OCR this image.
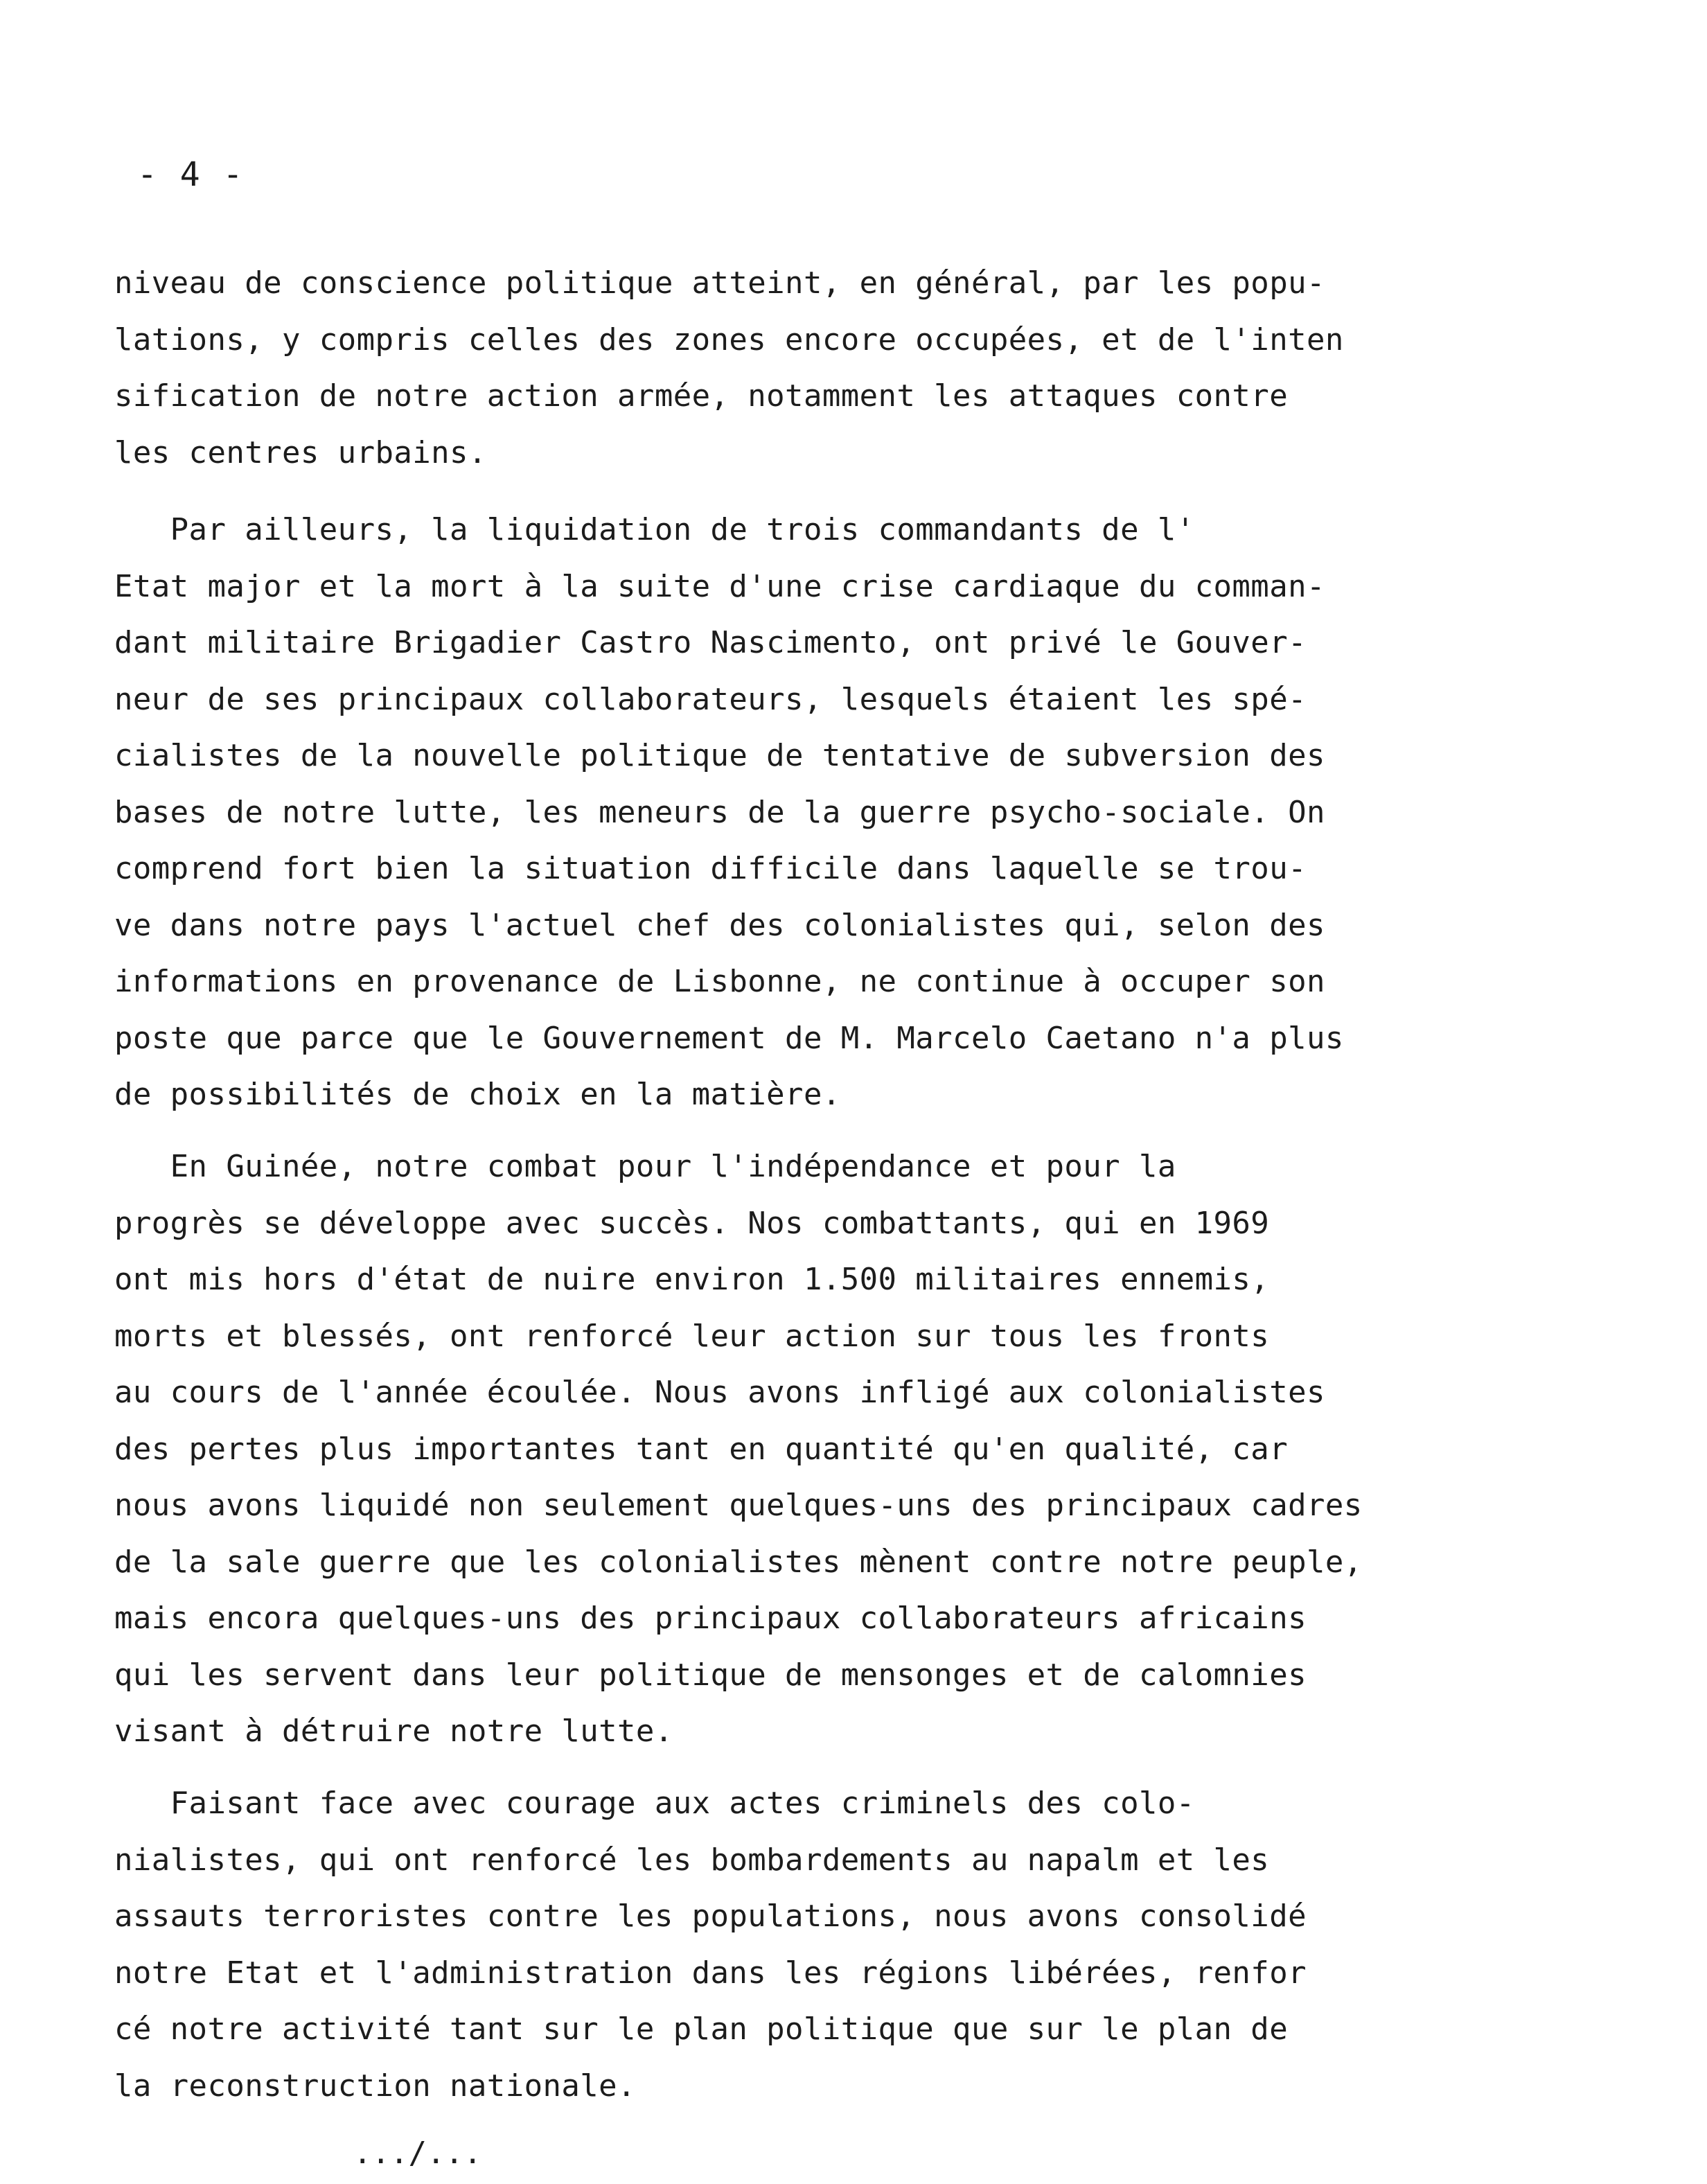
- 4 -

niveau de conscience politique atteint, en général, par les popu-
lations, y compris celles des zones encore occupées, et de l'inten
sification de notre action armée, notamment les attaques contre
les centres urbains.
Par ailleurs, la liquidation de trois commandants de l'
Etat major et la mort à la suite d'une crise cardiaque du comman-
dant militaire Brigadier Castro Nascimento, ont privé le Gouver-
neur de ses principaux collaborateurs, lesquels étaient les spé-
cialistes de la nouvelle politique de tentative de subversion des
bases de notre lutte, les meneurs de la guerre psycho-sociale. On
comprend fort bien la situation difficile dans laquelle se trou-
ve dans notre pays l'actuel chef des colonialistes qui, selon des
informations en provenance de Lisbonne, ne continue à occuper son
poste que parce que le Gouvernement de M. Marcelo Caetano n'a plus
de possibilités de choix en la matière.
En Guinée, notre combat pour l'indépendance et pour la
progrès se développe avec succès. Nos combattants, qui en 1969
ont mis hors d'état de nuire environ 1.500 militaires ennemis,
morts et blessés, ont renforcé leur action sur tous les fronts
au cours de l'année écoulée. Nous avons infligé aux colonialistes
des pertes plus importantes tant en quantité qu'en qualité, car
nous avons liquidé non seulement quelques-uns des principaux cadres
de la sale guerre que les colonialistes mènent contre notre peuple,
mais encora quelques-uns des principaux collaborateurs africains
qui les servent dans leur politique de mensonges et de calomnies
visant à détruire notre lutte.
Faisant face avec courage aux actes criminels des colo-
nialistes, qui ont renforcé les bombardements au napalm et les
assauts terroristes contre les populations, nous avons consolidé
notre Etat et l'administration dans les régions libérées, renfor
cé notre activité tant sur le plan politique que sur le plan de
la reconstruction nationale.

.../...
